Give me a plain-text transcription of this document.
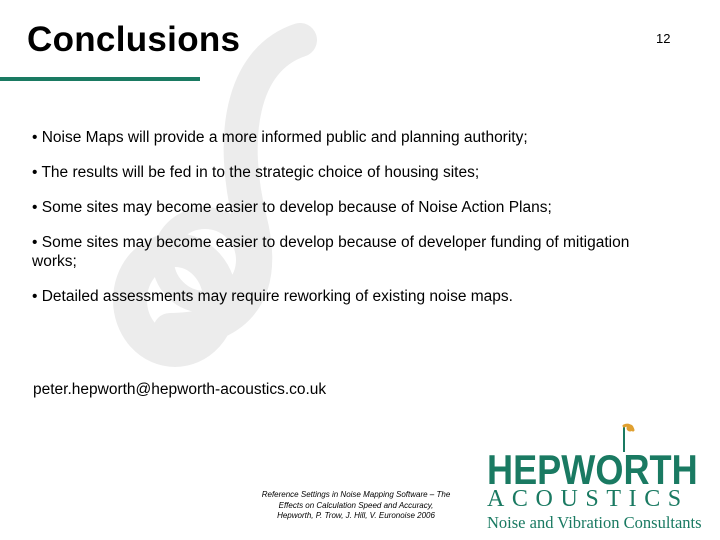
Conclusions	12
• Noise Maps will provide a more informed public and planning authority;
• The results will be fed in to the strategic choice of housing sites;
• Some sites may become easier to develop because of Noise Action Plans;
• Some sites may become easier to develop because of developer funding of mitigation works;
• Detailed assessments may require reworking of existing noise maps.
peter.hepworth@hepworth-acoustics.co.uk
Reference Settings in Noise Mapping Software – The
Effects on Calculation Speed and Accuracy,
Hepworth, P. Trow, J. Hill, V. Euronoise 2006
HEPWORTH
ACOUSTICS
Noise and Vibration Consultants
